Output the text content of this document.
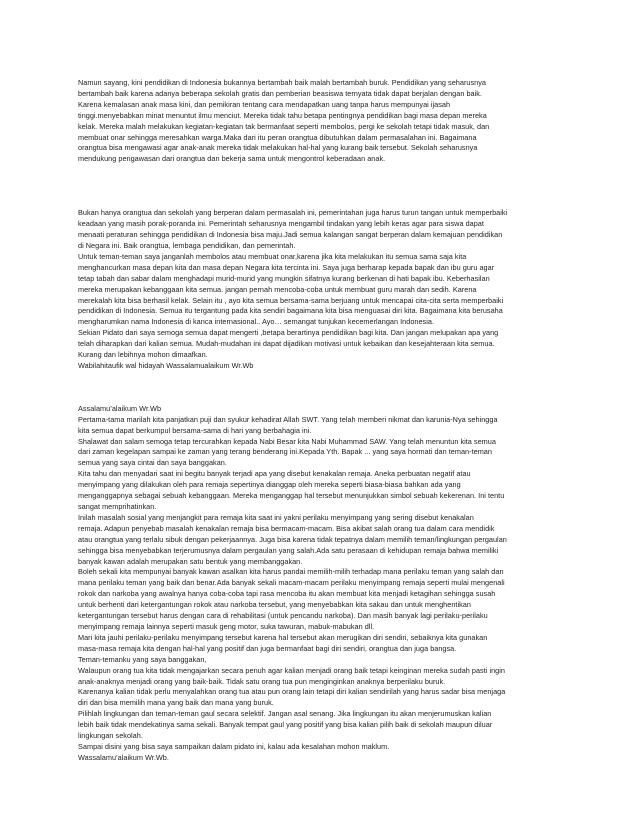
Namun sayang, kini pendidikan di Indonesia bukannya bertambah baik malah bertambah buruk. Pendidikan yang seharusnya
bertambah baik karena adanya beberapa sekolah gratis dan pemberian beasiswa ternyata tidak dapat berjalan dengan baik.
Karena kemalasan anak masa kini, dan pemikiran tentang cara mendapatkan uang tanpa harus mempunyai ijasah
tinggi.menyebabkan minat menuntut ilmu menciut. Mereka tidak tahu betapa pentingnya pendidikan bagi masa depan mereka
kelak. Mereka malah melakukan kegiatan-kegiatan tak bermanfaat seperti membolos, pergi ke sekolah tetapi tidak masuk, dan
membuat onar sehingga meresahkan warga.Maka dari itu peran orangtua dibutuhkan dalam permasalahan ini. Bagaimana
orangtua bisa mengawasi agar anak-anak mereka tidak melakukan hal-hal yang kurang baik tersebut. Sekolah seharusnya
mendukung pengawasan dari orangtua dan bekerja sama untuk mengontrol keberadaan anak.
Bukan hanya orangtua dan sekolah yang berperan dalam permasalah ini, pemerintahan juga harus turun tangan untuk memperbaiki
keadaan yang masih porak-poranda ini. Pemerintah seharusnya mengambil tindakan yang lebih keras agar para siswa dapat
menaati peraturan sehingga pendidikan di Indonesia bisa maju.Jadi semua kalangan sangat berperan dalam kemajuan pendidikan
di Negara ini. Baik orangtua, lembaga pendidikan, dan pemerintah.
Untuk teman-teman saya janganlah membolos atau membuat onar,karena jika kita melakukan itu semua sama saja kita
menghancurkan masa depan kita dan masa depan Negara kita tercinta ini. Saya juga berharap kepada bapak dan ibu guru agar
tetap tabah dan sabar dalam menghadapi murid-murid yang mungkin sifatnya kurang berkenan di hati bapak ibu. Keberhasilan
mereka merupakan kebanggaan kita semua. jangan pernah mencoba-coba untuk membuat guru marah dan sedih. Karena
merekalah kita bisa berhasil kelak. Selain itu , ayo kita semua bersama-sama berjuang untuk mencapai cita-cita serta memperbaiki
pendidikan di Indonesia. Semua itu tergantung pada kita sendiri bagaimana kita bisa menguasai diri kita. Bagaimana kita berusaha
mengharumkan nama Indonesia di kanca internasional.. Ayo… semangat tunjukan kecemerlangan Indonesia.
Sekian Pidato dari saya semoga semua dapat mengerti ,betapa berartinya pendidikan bagi kita. Dan jangan melupakan apa yang
telah diharapkan dari kalian semua. Mudah-mudahan ini dapat dijadikan motivasi untuk kebaikan dan kesejahteraan kita semua.
Kurang dan lebihnya mohon dimaafkan.
Wabilahitaufik wal hidayah Wassalamualaikum Wr.Wb
Assalamu’alaikum Wr.Wb
Pertama-tama marilah kita panjatkan puji dan syukur kehadirat Allah SWT. Yang telah memberi nikmat dan karunia-Nya sehingga
kita semua dapat berkumpul bersama-sama di hari yang berbahagia ini.
Shalawat dan salam semoga tetap tercurahkan kepada Nabi Besar kita Nabi Muhammad SAW. Yang telah menuntun kita semua
dari zaman kegelapan sampai ke zaman yang terang benderang ini.Kepada Yth. Bapak ... yang saya hormati dan teman-teman
semua yang saya cintai dan saya banggakan.
Kita tahu dan menyadari saat ini begitu banyak terjadi apa yang disebut kenakalan remaja. Aneka perbuatan negatif atau
menyimpang yang dilakukan oleh para remaja sepertinya dianggap oleh mereka seperti biasa-biasa bahkan ada yang
menganggapnya sebagai sebuah kebanggaan. Mereka menganggap hal tersebut menunjukkan simbol sebuah kekerenan. Ini tentu
sangat memprihatinkan.
Inilah masalah sosial yang menjangkit para remaja kita saat ini yakni perilaku menyimpang yang sering disebut kenakalan
remaja. Adapun penyebab masalah kenakalan remaja bisa bermacam-macam. Bisa akibat salah orang tua dalam cara mendidik
atau orangtua yang terlalu sibuk dengan pekerjaannya. Juga bisa karena tidak tepatnya dalam memilih teman/lingkungan pergaulan
sehingga bisa menyebabkan terjerumusnya dalam pergaulan yang salah.Ada satu perasaan di kehidupan remaja bahwa memiliki
banyak kawan adalah merupakan satu bentuk yang membanggakan.
Boleh sekali kita mempunyai banyak kawan asalkan kita harus pandai memilih-milih terhadap mana perilaku teman yang salah dan
mana perilaku teman yang baik dan benar.Ada banyak sekali macam-macam perilaku menyimpang remaja seperti mulai mengenali
rokok dan narkoba yang awalnya hanya coba-coba tapi rasa mencoba itu akan membuat kita menjadi ketagihan sehingga susah
untuk berhenti dari ketergantungan rokok atau narkoba tersebut, yang menyebabkan kita sakau dan untuk menghentikan
ketergantungan tersebut harus dengan cara di rehabilitasi (untuk pencandu narkoba). Dan masih banyak lagi perilaku-perilaku
menyimpang remaja lainnya seperti masuk geng motor, suka tawuran, mabuk-mabukan dll.
Mari kita jauhi perilaku-perilaku menyimpang tersebut karena hal tersebut akan merugikan diri sendiri, sebaiknya kita gunakan
masa-masa remaja kita dengan hal-hal yang positif dan juga bermanfaat bagi diri sendiri, orangtua dan juga bangsa.
Teman-temanku yang saya banggakan,
Walaupun orang tua kita tidak mengajarkan secara penuh agar kalian menjadi orang baik tetapi keinginan mereka sudah pasti ingin
anak-anaknya menjadi orang yang baik-baik. Tidak satu orang tua pun menginginkan anaknya berperilaku buruk.
Karenanya kalian tidak perlu menyalahkan orang tua atau pun orang lain tetapi diri kalian sendirilah yang harus sadar bisa menjaga
diri dan bisa memilih mana yang baik dan mana yang buruk.
Pilihlah lingkungan dan teman-teman gaul secara selektif. Jangan asal senang. Jika lingkungan itu akan menjerumuskan kalian
lebih baik tidak mendekatinya sama sekali. Banyak tempat gaul yang positif yang bisa kalian pilih baik di sekolah maupun diluar
lingkungan sekolah.
Sampai disini yang bisa saya sampaikan dalam pidato ini, kalau ada kesalahan mohon maklum.
Wassalamu’alaikum Wr.Wb.
